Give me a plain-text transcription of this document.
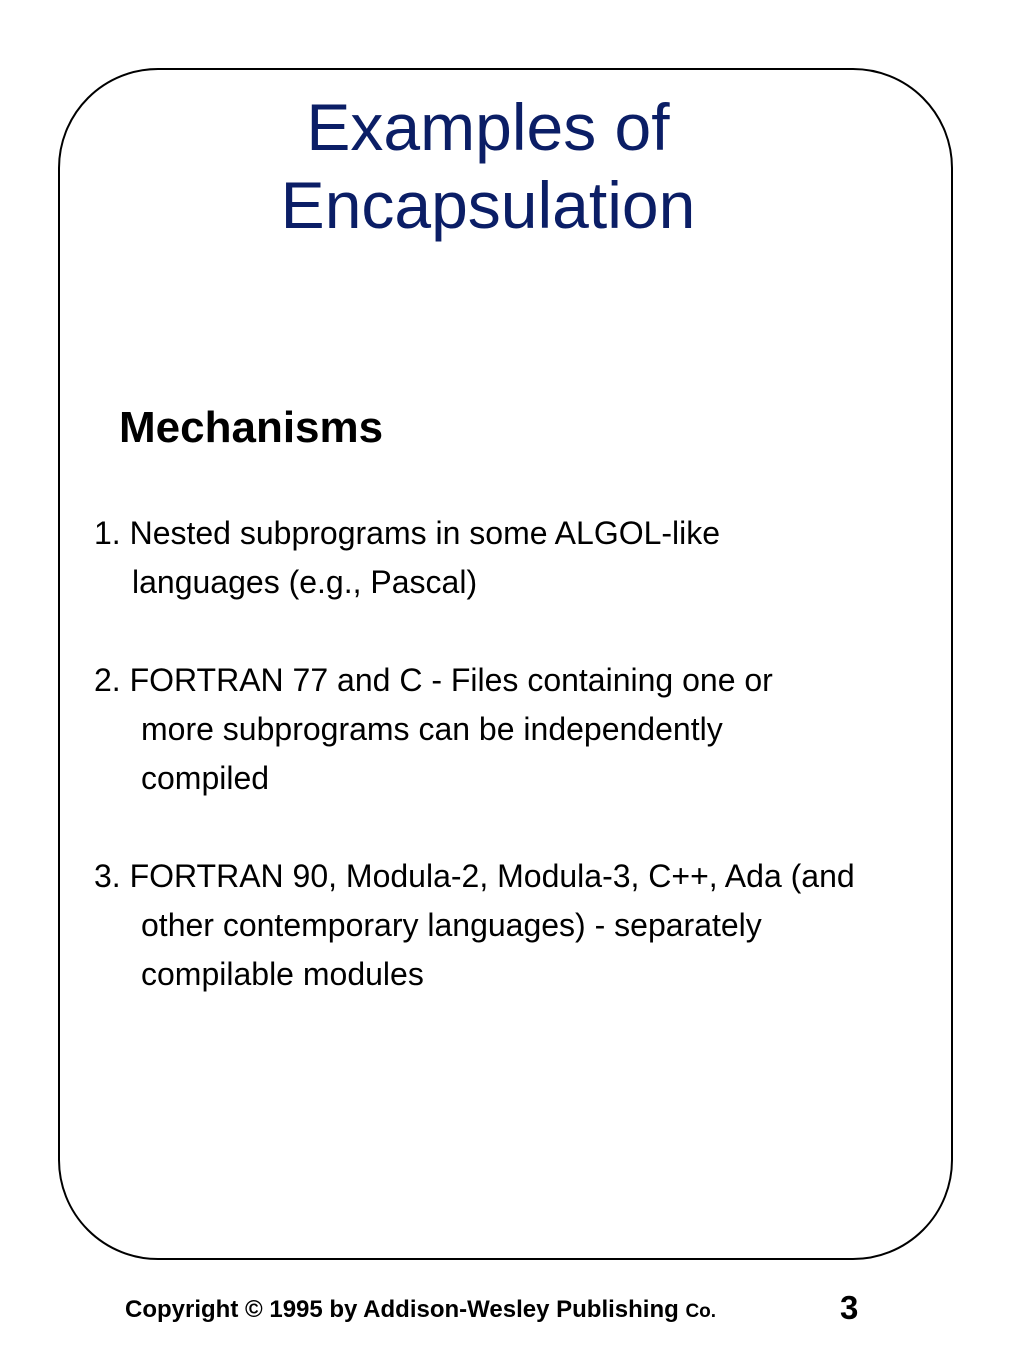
Examples of
Encapsulation
Mechanisms
1. Nested subprograms in some ALGOL-like
languages (e.g., Pascal)
2. FORTRAN 77 and C - Files containing one or
more subprograms can be independently
compiled
3. FORTRAN 90, Modula-2, Modula-3, C++, Ada (and
other contemporary languages) - separately
compilable modules
Copyright © 1995 by Addison-Wesley Publishing Co.	3
